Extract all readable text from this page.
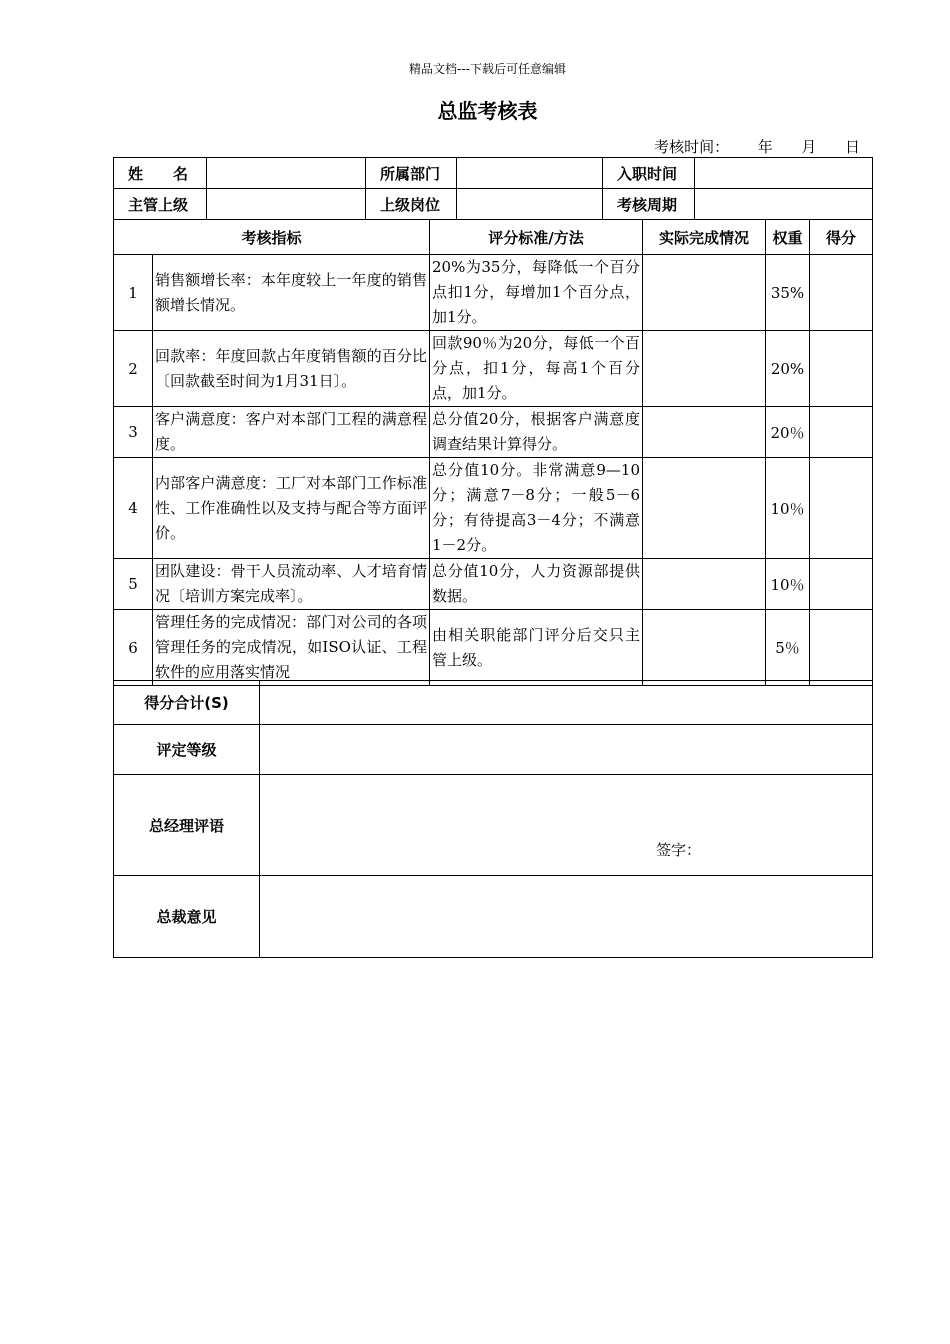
精品文档---下载后可任意编辑
总监考核表
考核时间：      年      月      日
姓　　名		所属部门		入职时间	
主管上级		上级岗位		考核周期	
考核指标		评分标准/方法	实际完成情况	权重	得分
1	销售额增长率：本年度较上一年度的销售额增长情况。	20%为35分，每降低一个百分点扣1分，每增加1个百分点，加1分。		35%	
2	回款率：年度回款占年度销售额的百分比〔回款截至时间为1月31日〕。	回款90％为20分，每低一个百分点，扣1分，每高1个百分点，加1分。		20%	
3	客户满意度：客户对本部门工程的满意程度。	总分值20分，根据客户满意度调查结果计算得分。		20％	
4	内部客户满意度：工厂对本部门工作标准性、工作准确性以及支持与配合等方面评价。	总分值10分。非常满意9—10分；满意7－8分；一般5－6分；有待提高3－4分；不满意1－2分。		10％	
5	团队建设：骨干人员流动率、人才培育情况〔培训方案完成率〕。	总分值10分，人力资源部提供数据。		10％	
6	管理任务的完成情况：部门对公司的各项管理任务的完成情况，如ISO认证、工程软件的应用落实情况	由相关职能部门评分后交只主管上级。		5％	
得分合计(S)	
评定等级	
总经理评语	签字：

总裁意见	
